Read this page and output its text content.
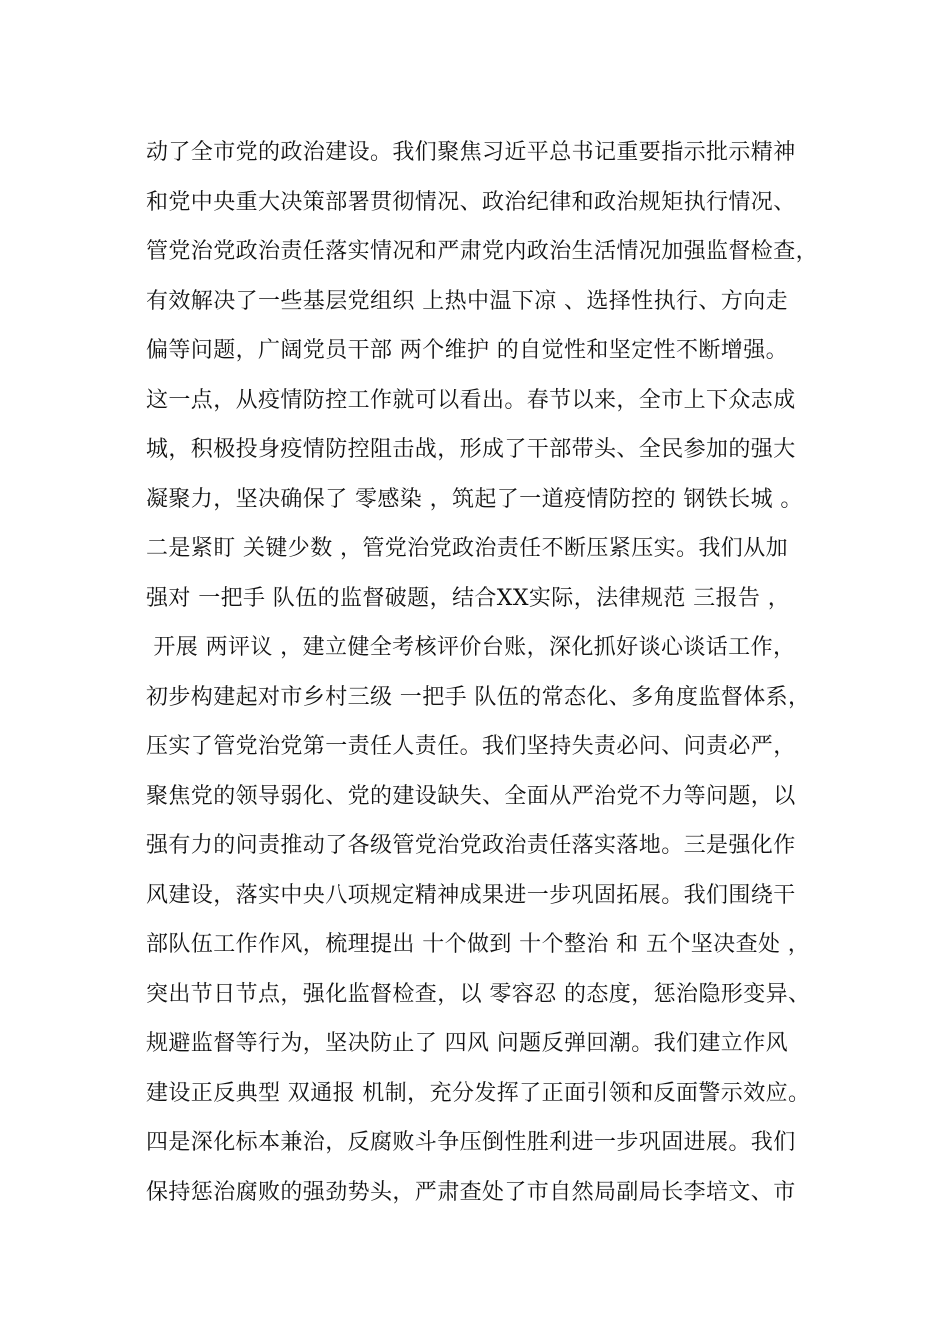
动了全市党的政治建设。我们聚焦习近平总书记重要指示批示精神
和党中央重大决策部署贯彻情况、政治纪律和政治规矩执行情况、
管党治党政治责任落实情况和严肃党内政治生活情况加强监督检查，
有效解决了一些基层党组织 上热中温下凉 、选择性执行、方向走
偏等问题，广阔党员干部 两个维护 的自觉性和坚定性不断增强。
这一点，从疫情防控工作就可以看出。春节以来，全市上下众志成
城，积极投身疫情防控阻击战，形成了干部带头、全民参加的强大
凝聚力，坚决确保了 零感染 ，筑起了一道疫情防控的 钢铁长城 。
二是紧盯 关键少数 ，管党治党政治责任不断压紧压实。我们从加
强对 一把手 队伍的监督破题，结合XX实际，法律规范 三报告 ，
开展 两评议 ，建立健全考核评价台账，深化抓好谈心谈话工作，
初步构建起对市乡村三级 一把手 队伍的常态化、多角度监督体系，
压实了管党治党第一责任人责任。我们坚持失责必问、问责必严，
聚焦党的领导弱化、党的建设缺失、全面从严治党不力等问题，以
强有力的问责推动了各级管党治党政治责任落实落地。三是强化作
风建设，落实中央八项规定精神成果进一步巩固拓展。我们围绕干
部队伍工作作风，梳理提出 十个做到 十个整治 和 五个坚决查处 ，
突出节日节点，强化监督检查，以 零容忍 的态度，惩治隐形变异、
规避监督等行为，坚决防止了 四风 问题反弹回潮。我们建立作风
建设正反典型 双通报 机制，充分发挥了正面引领和反面警示效应。
四是深化标本兼治，反腐败斗争压倒性胜利进一步巩固进展。我们
保持惩治腐败的强劲势头，严肃查处了市自然局副局长李培文、市
